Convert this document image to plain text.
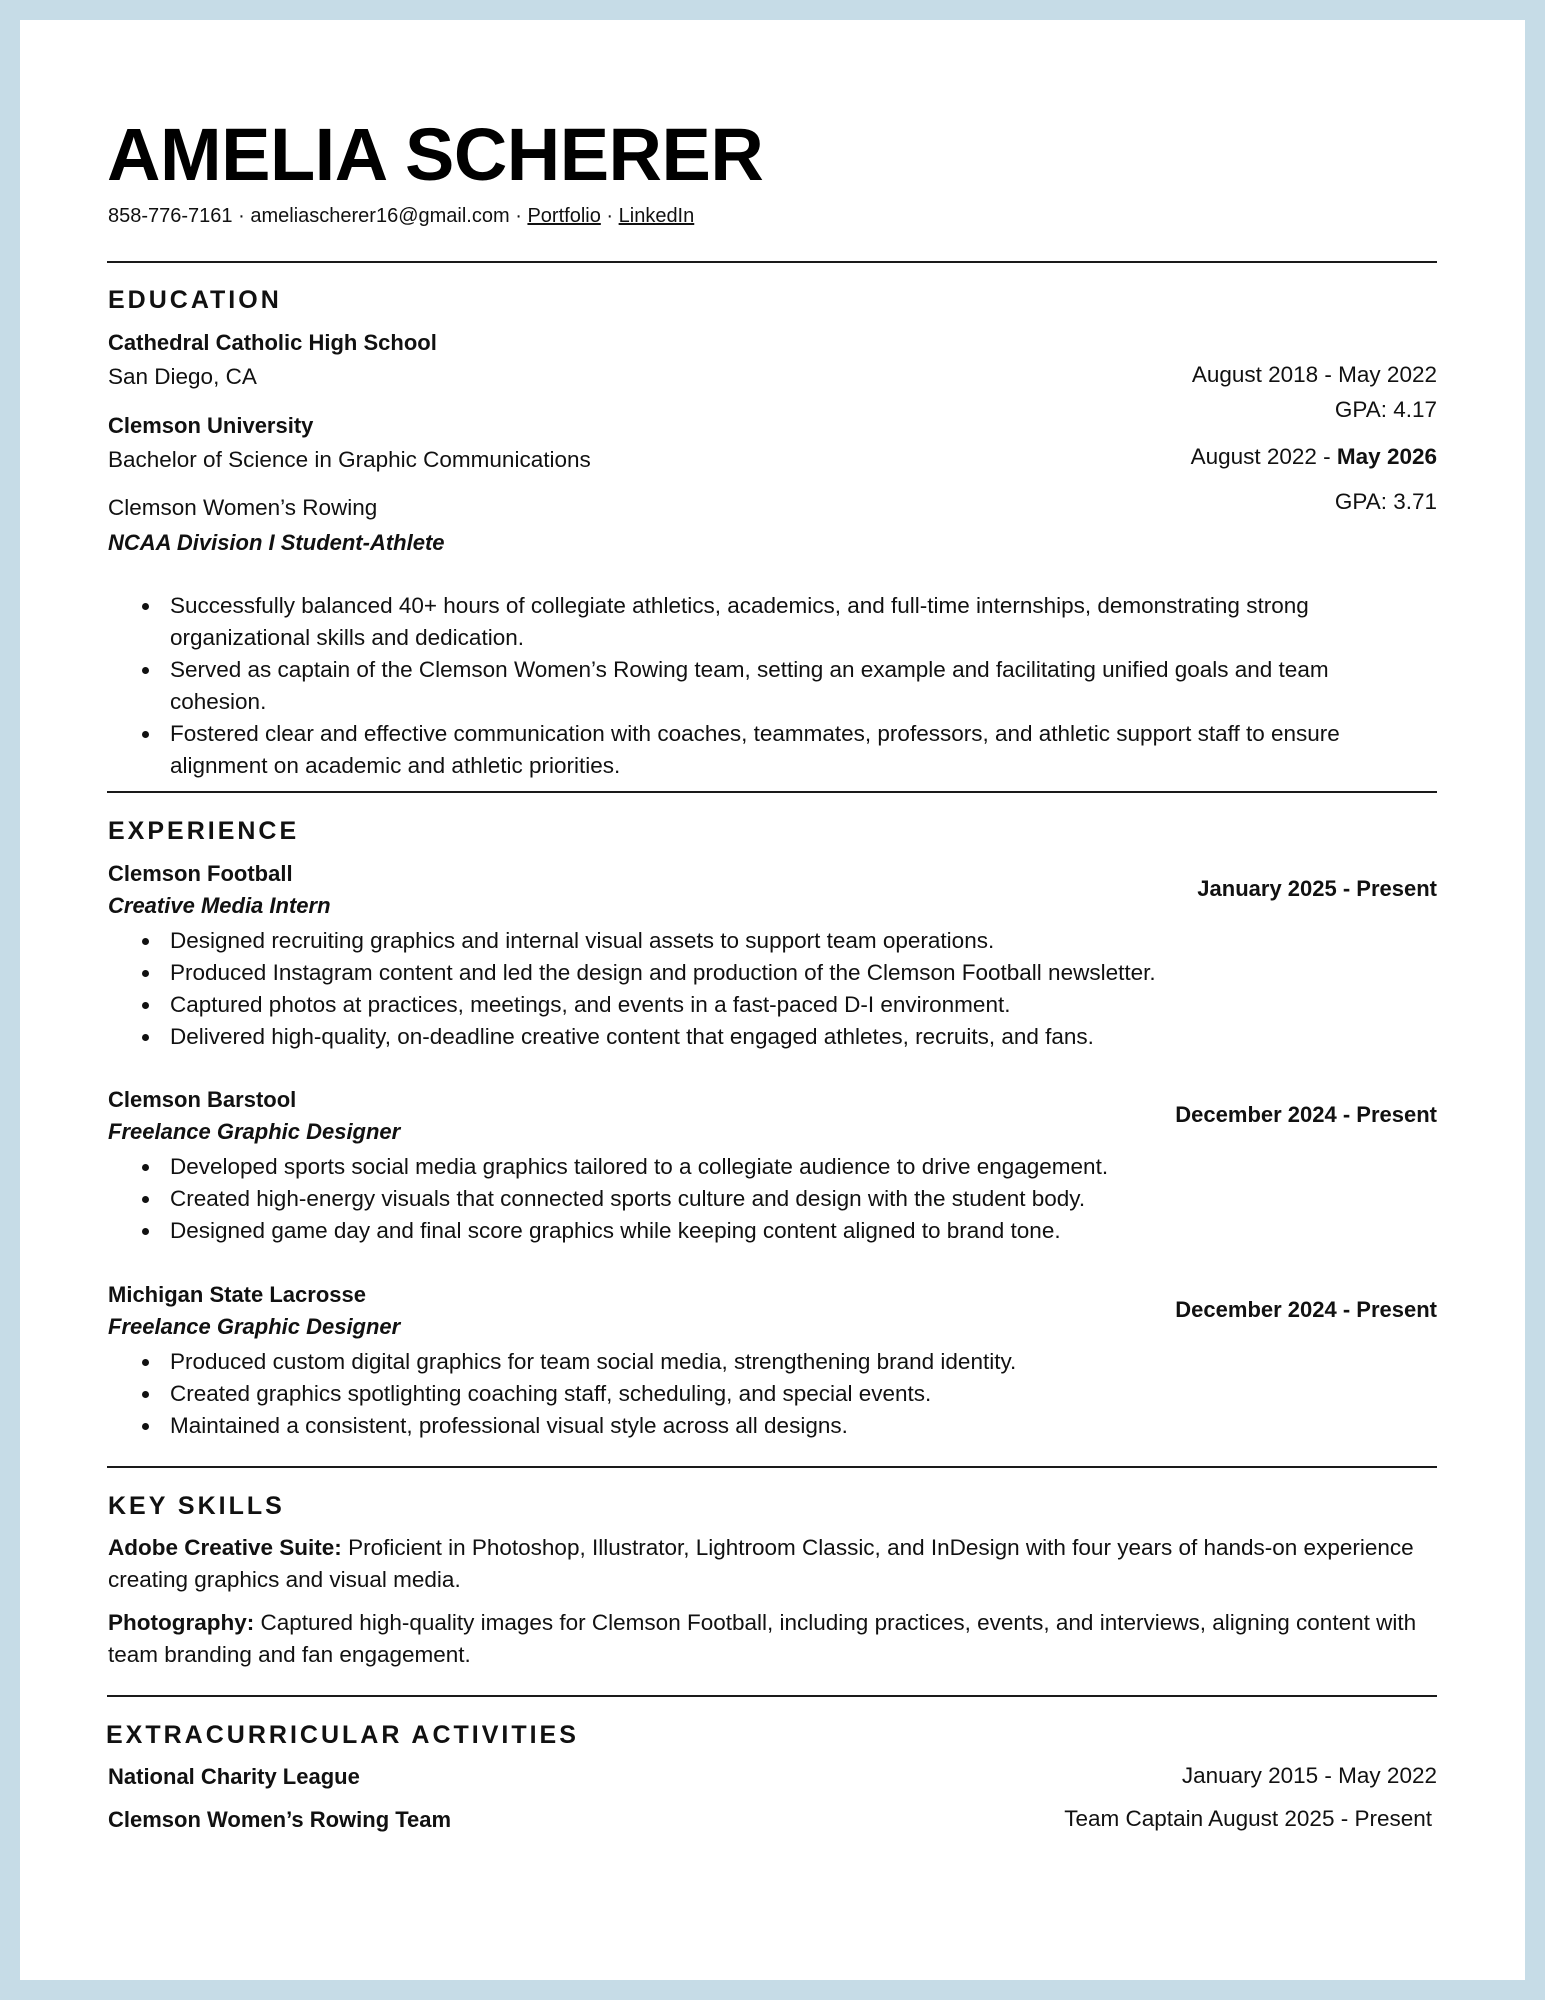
AMELIA SCHERER
858-776-7161 · ameliascherer16@gmail.com · Portfolio · LinkedIn
EDUCATION
Cathedral Catholic High School
San Diego, CA	August 2018 - May 2022
GPA: 4.17
Clemson University
Bachelor of Science in Graphic Communications	August 2022 - May 2026
GPA: 3.71
Clemson Women’s Rowing
NCAA Division I Student-Athlete
Successfully balanced 40+ hours of collegiate athletics, academics, and full-time internships, demonstrating strong organizational skills and dedication.
Served as captain of the Clemson Women’s Rowing team, setting an example and facilitating unified goals and team cohesion.
Fostered clear and effective communication with coaches, teammates, professors, and athletic support staff to ensure alignment on academic and athletic priorities.
EXPERIENCE
Clemson Football
Creative Media Intern
January 2025 - Present
Designed recruiting graphics and internal visual assets to support team operations.
Produced Instagram content and led the design and production of the Clemson Football newsletter.
Captured photos at practices, meetings, and events in a fast-paced D-I environment.
Delivered high-quality, on-deadline creative content that engaged athletes, recruits, and fans.
Clemson Barstool
Freelance Graphic Designer
December 2024 - Present
Developed sports social media graphics tailored to a collegiate audience to drive engagement.
Created high-energy visuals that connected sports culture and design with the student body.
Designed game day and final score graphics while keeping content aligned to brand tone.
Michigan State Lacrosse
Freelance Graphic Designer
December 2024 - Present
Produced custom digital graphics for team social media, strengthening brand identity.
Created graphics spotlighting coaching staff, scheduling, and special events.
Maintained a consistent, professional visual style across all designs.
KEY SKILLS
Adobe Creative Suite: Proficient in Photoshop, Illustrator, Lightroom Classic, and InDesign with four years of hands-on experience creating graphics and visual media.
Photography: Captured high-quality images for Clemson Football, including practices, events, and interviews, aligning content with team branding and fan engagement.
EXTRACURRICULAR ACTIVITIES
National Charity League	January 2015 - May 2022
Clemson Women’s Rowing Team	Team Captain August 2025 - Present
